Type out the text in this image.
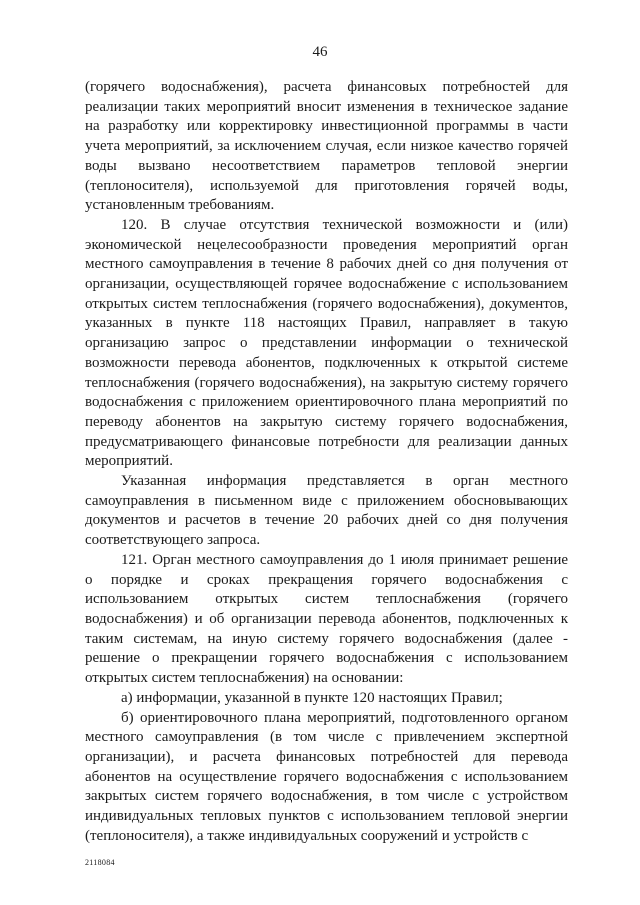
46

(горячего водоснабжения), расчета финансовых потребностей для реализации таких мероприятий вносит изменения в техническое задание на разработку или корректировку инвестиционной программы в части учета мероприятий, за исключением случая, если низкое качество горячей воды вызвано несоответствием параметров тепловой энергии (теплоносителя), используемой для приготовления горячей воды, установленным требованиям.

120. В случае отсутствия технической возможности и (или) экономической нецелесообразности проведения мероприятий орган местного самоуправления в течение 8 рабочих дней со дня получения от организации, осуществляющей горячее водоснабжение с использованием открытых систем теплоснабжения (горячего водоснабжения), документов, указанных в пункте 118 настоящих Правил, направляет в такую организацию запрос о представлении информации о технической возможности перевода абонентов, подключенных к открытой системе теплоснабжения (горячего водоснабжения), на закрытую систему горячего водоснабжения с приложением ориентировочного плана мероприятий по переводу абонентов на закрытую систему горячего водоснабжения, предусматривающего финансовые потребности для реализации данных мероприятий.

Указанная информация представляется в орган местного самоуправления в письменном виде с приложением обосновывающих документов и расчетов в течение 20 рабочих дней со дня получения соответствующего запроса.

121. Орган местного самоуправления до 1 июля принимает решение о порядке и сроках прекращения горячего водоснабжения с использованием открытых систем теплоснабжения (горячего водоснабжения) и об организации перевода абонентов, подключенных к таким системам, на иную систему горячего водоснабжения (далее - решение о прекращении горячего водоснабжения с использованием открытых систем теплоснабжения) на основании:

а) информации, указанной в пункте 120 настоящих Правил;

б) ориентировочного плана мероприятий, подготовленного органом местного самоуправления (в том числе с привлечением экспертной организации), и расчета финансовых потребностей для перевода абонентов на осуществление горячего водоснабжения с использованием закрытых систем горячего водоснабжения, в том числе с устройством индивидуальных тепловых пунктов с использованием тепловой энергии (теплоносителя), а также индивидуальных сооружений и устройств с

2118084
